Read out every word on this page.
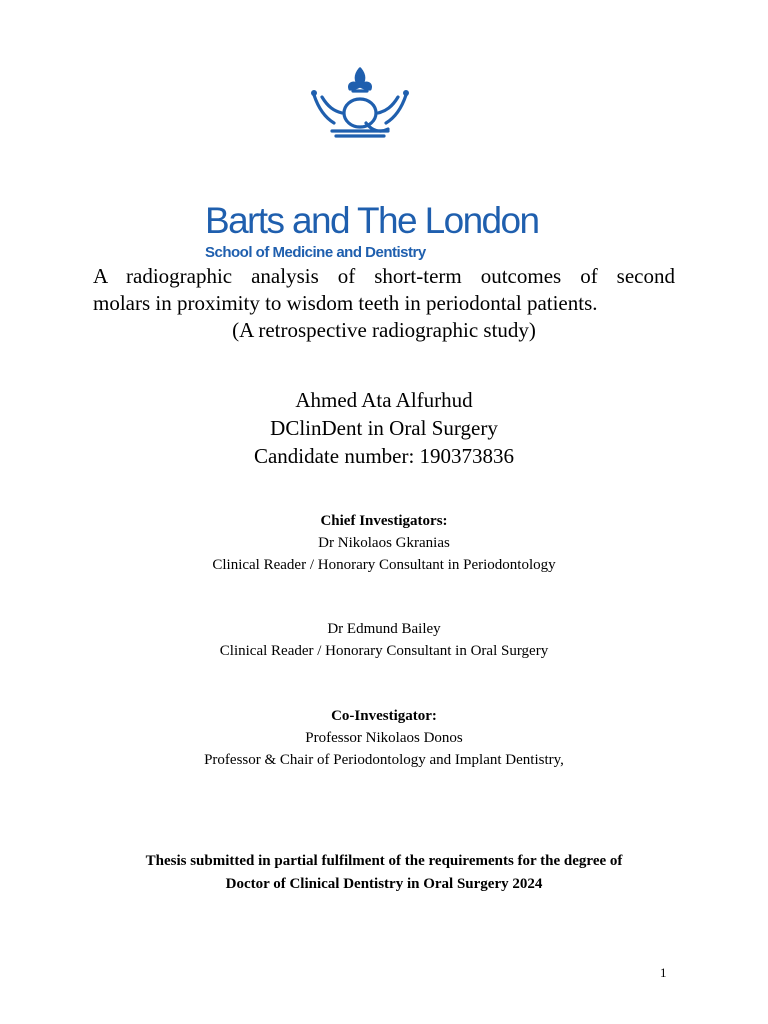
Barts and The London
School of Medicine and Dentistry
A radiographic analysis of short-term outcomes of second
molars in proximity to wisdom teeth in periodontal patients.
(A retrospective radiographic study)
Ahmed Ata Alfurhud
DClinDent in Oral Surgery
Candidate number: 190373836
Chief Investigators:
Dr Nikolaos Gkranias
Clinical Reader / Honorary Consultant in Periodontology
Dr Edmund Bailey
Clinical Reader / Honorary Consultant in Oral Surgery
Co-Investigator:
Professor Nikolaos Donos
Professor & Chair of Periodontology and Implant Dentistry,
Thesis submitted in partial fulfilment of the requirements for the degree of
Doctor of Clinical Dentistry in Oral Surgery 2024
1
